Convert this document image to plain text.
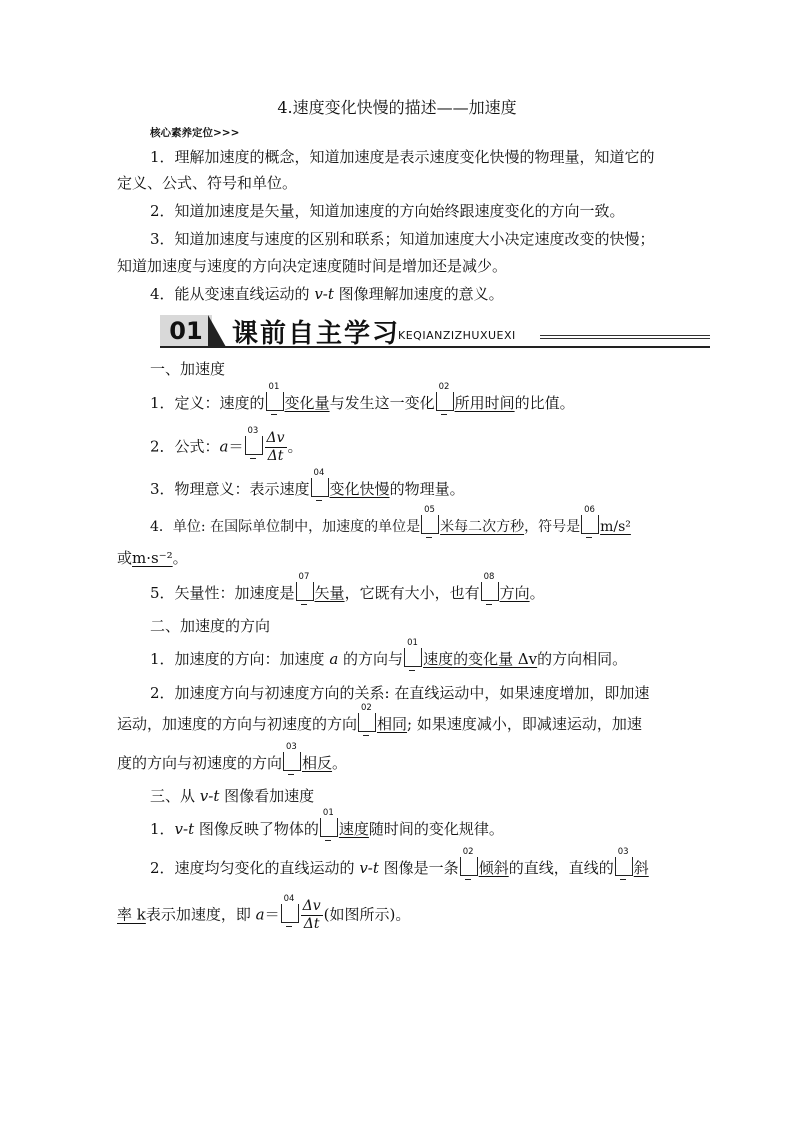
4.速度变化快慢的描述——加速度
核心素养定位>>>
1．理解加速度的概念，知道加速度是表示速度变化快慢的物理量，知道它的
定义、公式、符号和单位。
2．知道加速度是矢量，知道加速度的方向始终跟速度变化的方向一致。
3．知道加速度与速度的区别和联系；知道加速度大小决定速度改变的快慢；
知道加速度与速度的方向决定速度随时间是增加还是减少。
4．能从变速直线运动的 v-t 图像理解加速度的意义。
01	课前自主学习
KEQIANZIZHUXUEXI
一、加速度
1．定义：速度的
01
变化量与发生这一变化
02
所用时间的比值。
2．公式：a＝
$03 \frac{\Delta v}{\Delta t}$ 。
3．物理意义：表示速度
04
变化快慢的物理量。
4．单位: 在国际单位制中，加速度的单位是
05
米每二次方秒，符号是
06
m/s²
或m·s⁻²。
5．矢量性：加速度是
07
矢量，它既有大小，也有
08
方向。
二、加速度的方向
1．加速度的方向：加速度 a 的方向与
01
速度的变化量 Δv的方向相同。
2．加速度方向与初速度方向的关系: 在直线运动中，如果速度增加，即加速
运动，加速度的方向与初速度的方向
02
相同; 如果速度减小，即减速运动，加速
度的方向与初速度的方向
03
相反。
三、从 v-t 图像看加速度
1．v-t 图像反映了物体的
01
速度随时间的变化规律。
2．速度均匀变化的直线运动的 v-t 图像是一条
02
倾斜的直线，直线的
03
斜
率 k表示加速度，即 a＝
$04 \frac{\Delta v}{\Delta t}$ (如图所示)。
